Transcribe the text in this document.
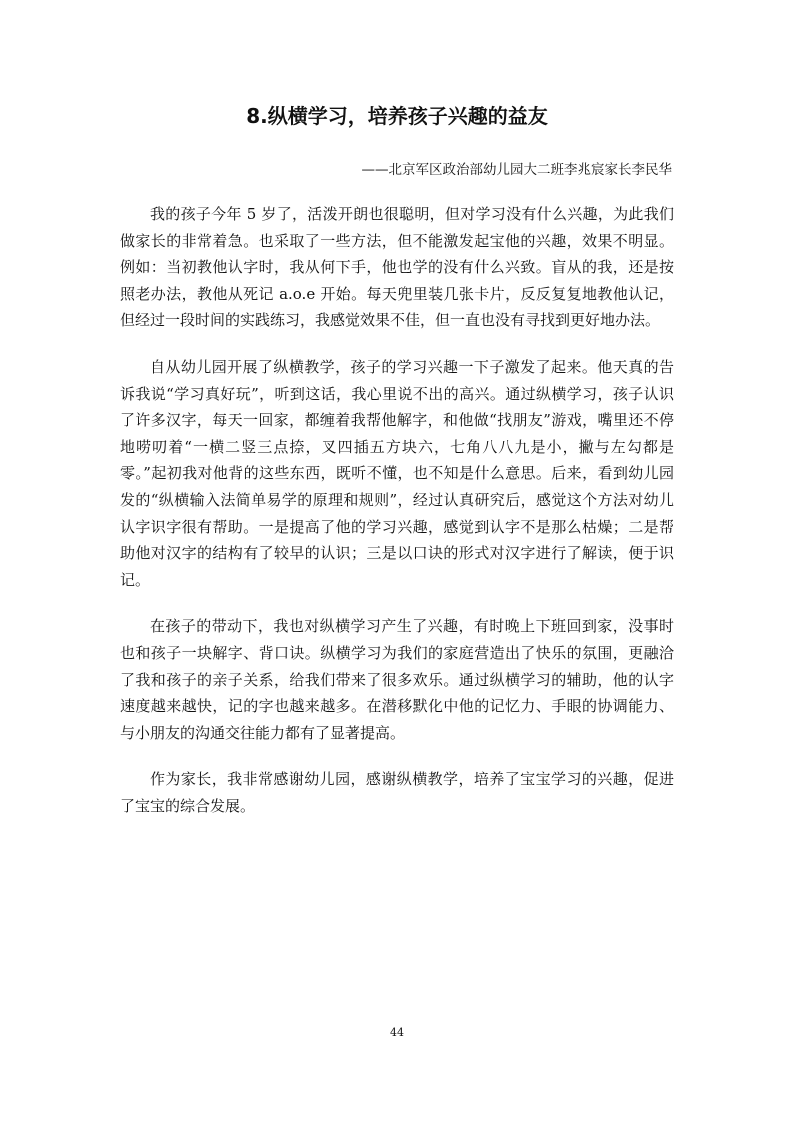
8.纵横学习，培养孩子兴趣的益友

——北京军区政治部幼儿园大二班李兆宸家长李民华

我的孩子今年 5 岁了，活泼开朗也很聪明，但对学习没有什么兴趣，为此我们做家长的非常着急。也采取了一些方法，但不能激发起宝他的兴趣，效果不明显。例如：当初教他认字时，我从何下手，他也学的没有什么兴致。盲从的我，还是按照老办法，教他从死记 a.o.e 开始。每天兜里装几张卡片，反反复复地教他认记，但经过一段时间的实践练习，我感觉效果不佳，但一直也没有寻找到更好地办法。

自从幼儿园开展了纵横教学，孩子的学习兴趣一下子激发了起来。他天真的告诉我说“学习真好玩”，听到这话，我心里说不出的高兴。通过纵横学习，孩子认识了许多汉字，每天一回家，都缠着我帮他解字，和他做“找朋友”游戏，嘴里还不停地唠叨着“一横二竖三点捺，叉四插五方块六，七角八八九是小，撇与左勾都是零。”起初我对他背的这些东西，既听不懂，也不知是什么意思。后来，看到幼儿园发的“纵横输入法简单易学的原理和规则”，经过认真研究后，感觉这个方法对幼儿认字识字很有帮助。一是提高了他的学习兴趣，感觉到认字不是那么枯燥；二是帮助他对汉字的结构有了较早的认识；三是以口诀的形式对汉字进行了解读，便于识记。

在孩子的带动下，我也对纵横学习产生了兴趣，有时晚上下班回到家，没事时也和孩子一块解字、背口诀。纵横学习为我们的家庭营造出了快乐的氛围，更融洽了我和孩子的亲子关系，给我们带来了很多欢乐。通过纵横学习的辅助，他的认字速度越来越快，记的字也越来越多。在潜移默化中他的记忆力、手眼的协调能力、与小朋友的沟通交往能力都有了显著提高。

作为家长，我非常感谢幼儿园，感谢纵横教学，培养了宝宝学习的兴趣，促进了宝宝的综合发展。

44
